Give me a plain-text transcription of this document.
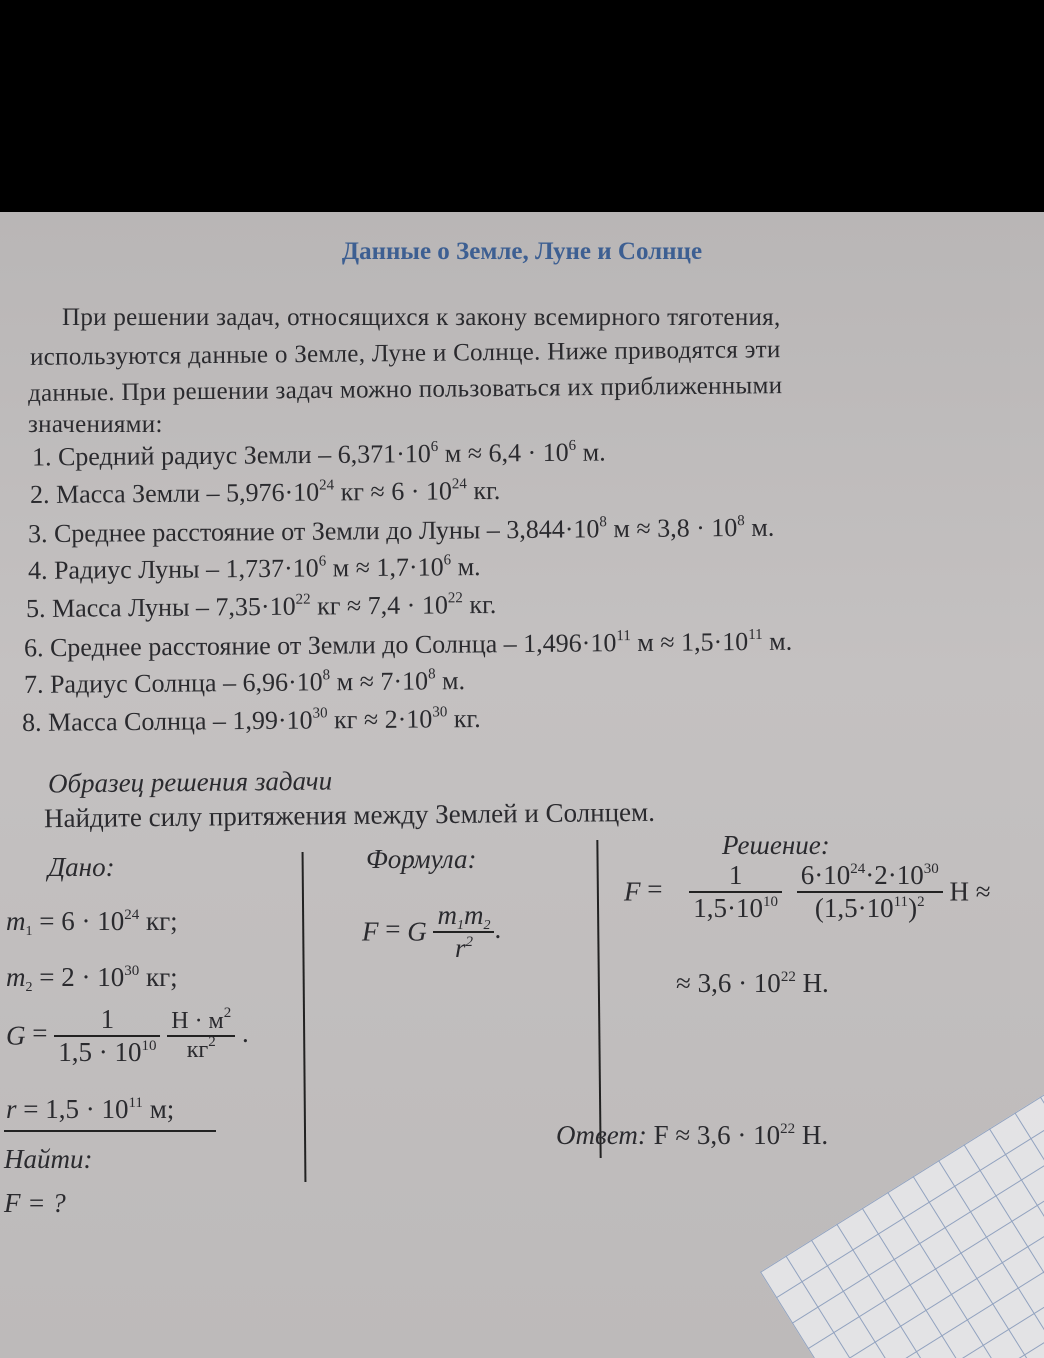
Данные о Земле, Луне и Солнце
При решении задач, относящихся к закону всемирного тяготения,
используются данные о Земле, Луне и Солнце. Ниже приводятся эти
данные. При решении задач можно пользоваться их приближенными
значениями:
1. Средний радиус Земли – $6,371\cdot 10^6$ $м \approx 6,4 \cdot 10^6$ м.
2. Масса Земли – $5,976\cdot 10^{24}$ кг ≈ $6 \cdot 10^{24}$ кг.
3. Среднее расстояние от Земли до Луны – $3,844\cdot 10^8$ $м \approx 3,8 \cdot 10^8$ м.
4. Радиус Луны – $1,737\cdot 10^6$ $м \approx 1,7\cdot 10^6$ м.
5. Масса Луны – $7,35\cdot 10^{22}$ кг ≈ $7,4 \cdot 10^{22}$ кг.
6. Среднее расстояние от Земли до Солнца – $1,496\cdot 10^{11}$ $м \approx 1,5\cdot 10^{11}$ м.
7. Радиус Солнца – $6,96\cdot 10^8$ $м \approx 7\cdot 10^8$ м.
8. Масса Солнца – $1,99\cdot 10^{30}$ кг ≈ $2\cdot 10^{30}$ кг.
Образец решения задачи
Найдите силу притяжения между Землей и Солнцем.
Дано:	Формула:	Решение:
$m_1 = 6 \cdot 10^{24}$ кг;
$m_2 = 2 \cdot 10^{30}$ кг;
$G = \frac{1}{1,5 \cdot 10^{10}}$
$\frac{Н \cdot м^2}{кг^2}$ .
$r = 1,5 \cdot 10^{11}$ м;
Найти:
F = ?
F = G $\frac{m_1m_2}{r^2}$ .
$F = \frac{1}{1,5\cdot 10^{10}}$
$\frac{6\cdot 10^{24}\cdot 2\cdot 10^{30}}{(1,5\cdot 10^{11})^2}$ Н ≈
≈ $3,6 \cdot 10^{22}$ Н.
Ответ: $F \approx 3,6 \cdot 10^{22}$ Н.
